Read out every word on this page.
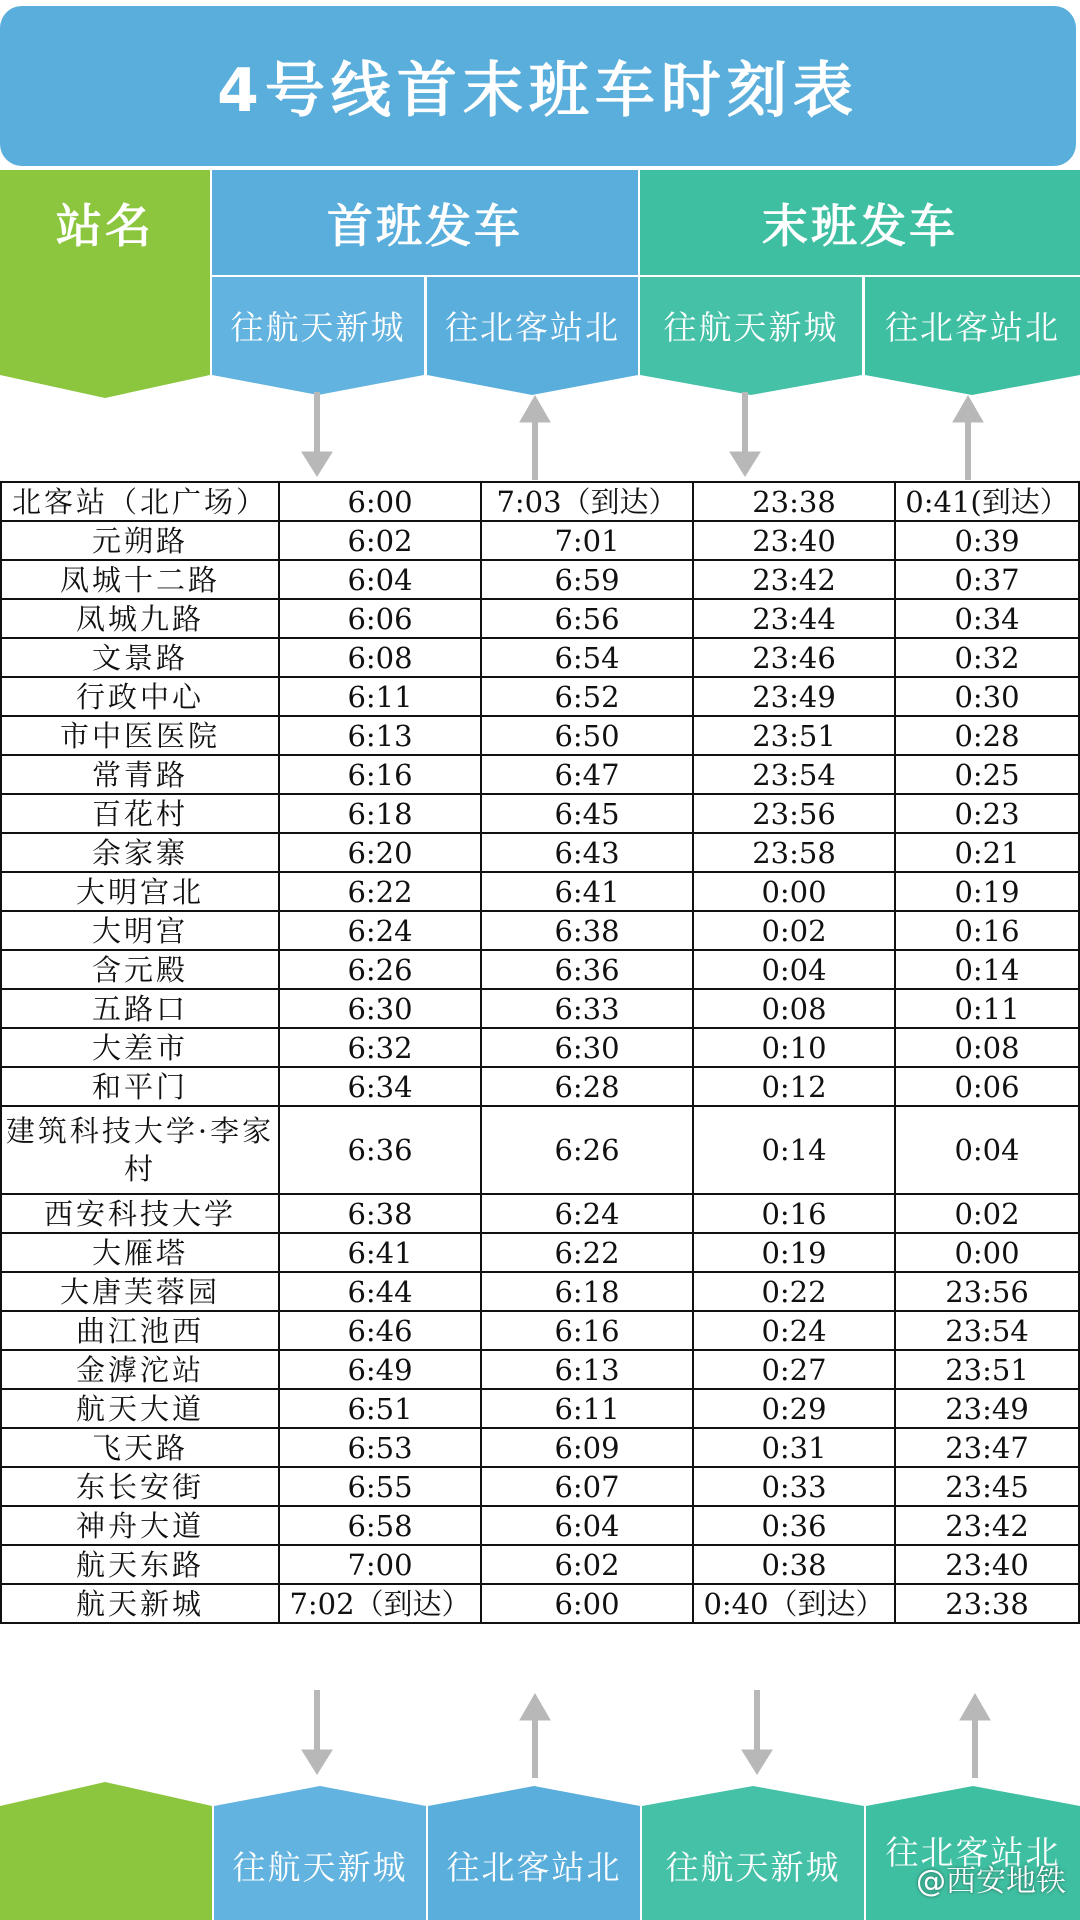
4号线首末班车时刻表
站名	首班发车
往航天新城	往北客站北
末班发车
往航天新城	往北客站北
北客站（北广场）	6:00	7:03（到达）	23:38	0:41(到达）
元朔路	6:02	7:01	23:40	0:39
凤城十二路	6:04	6:59	23:42	0:37
凤城九路	6:06	6:56	23:44	0:34
文景路	6:08	6:54	23:46	0:32
行政中心	6:11	6:52	23:49	0:30
市中医医院	6:13	6:50	23:51	0:28
常青路	6:16	6:47	23:54	0:25
百花村	6:18	6:45	23:56	0:23
余家寨	6:20	6:43	23:58	0:21
大明宫北	6:22	6:41	0:00	0:19
大明宫	6:24	6:38	0:02	0:16
含元殿	6:26	6:36	0:04	0:14
五路口	6:30	6:33	0:08	0:11
大差市	6:32	6:30	0:10	0:08
和平门	6:34	6:28	0:12	0:06
建筑科技大学·李家村	6:36	6:26	0:14	0:04
西安科技大学	6:38	6:24	0:16	0:02
大雁塔	6:41	6:22	0:19	0:00
大唐芙蓉园	6:44	6:18	0:22	23:56
曲江池西	6:46	6:16	0:24	23:54
金滹沱站	6:49	6:13	0:27	23:51
航天大道	6:51	6:11	0:29	23:49
飞天路	6:53	6:09	0:31	23:47
东长安街	6:55	6:07	0:33	23:45
神舟大道	6:58	6:04	0:36	23:42
航天东路	7:00	6:02	0:38	23:40
航天新城	7:02（到达）	6:00	0:40（到达）	23:38
往航天新城	往北客站北	往航天新城	往北客站北
@西安地铁
